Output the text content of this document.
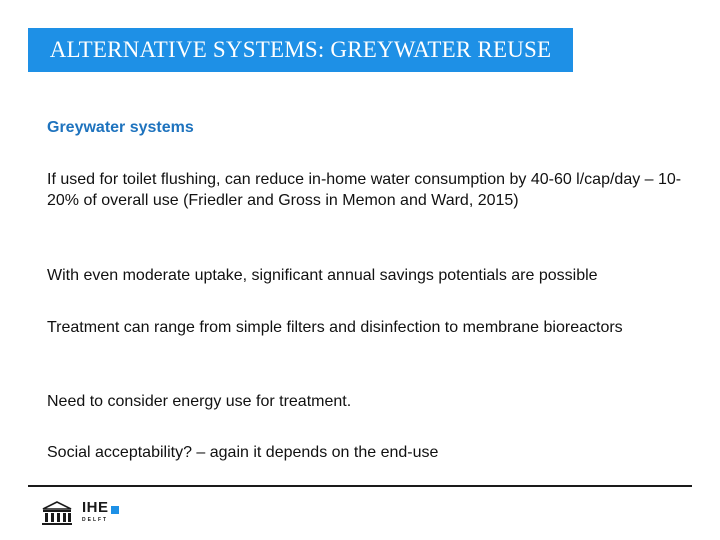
ALTERNATIVE SYSTEMS: GREYWATER REUSE
Greywater systems
If used for toilet flushing, can reduce in-home water consumption by 40-60 l/cap/day – 10-20% of overall use (Friedler and Gross in Memon and Ward, 2015)
With even moderate uptake, significant annual savings potentials are possible
Treatment can range from simple filters and disinfection to membrane bioreactors
Need to consider energy use for treatment.
Social acceptability? – again it depends on the end-use
IHE
DELFT
